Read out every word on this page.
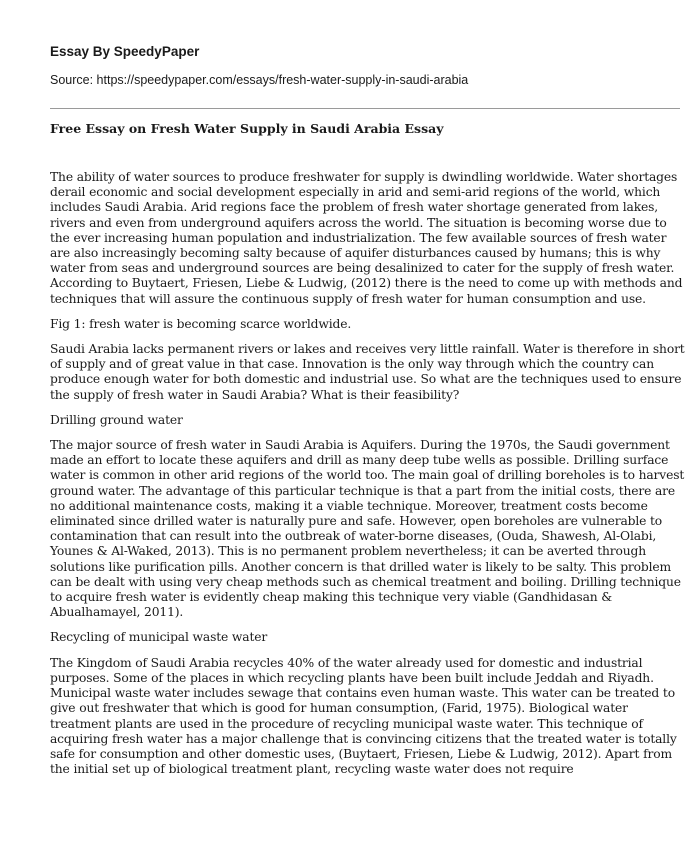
Essay By SpeedyPaper
Source: https://speedypaper.com/essays/fresh-water-supply-in-saudi-arabia
Free Essay on Fresh Water Supply in Saudi Arabia Essay

The ability of water sources to produce freshwater for supply is dwindling worldwide. Water shortages derail economic and social development especially in arid and semi-arid regions of the world, which includes Saudi Arabia. Arid regions face the problem of fresh water shortage generated from lakes, rivers and even from underground aquifers across the world. The situation is becoming worse due to the ever increasing human population and industrialization. The few available sources of fresh water are also increasingly becoming salty because of aquifer disturbances caused by humans; this is why water from seas and underground sources are being desalinized to cater for the supply of fresh water. According to Buytaert, Friesen, Liebe & Ludwig, (2012) there is the need to come up with methods and techniques that will assure the continuous supply of fresh water for human consumption and use.

Fig 1: fresh water is becoming scarce worldwide.

Saudi Arabia lacks permanent rivers or lakes and receives very little rainfall. Water is therefore in short of supply and of great value in that case. Innovation is the only way through which the country can produce enough water for both domestic and industrial use. So what are the techniques used to ensure the supply of fresh water in Saudi Arabia? What is their feasibility?

Drilling ground water

The major source of fresh water in Saudi Arabia is Aquifers. During the 1970s, the Saudi government made an effort to locate these aquifers and drill as many deep tube wells as possible. Drilling surface water is common in other arid regions of the world too. The main goal of drilling boreholes is to harvest ground water. The advantage of this particular technique is that a part from the initial costs, there are no additional maintenance costs, making it a viable technique. Moreover, treatment costs become eliminated since drilled water is naturally pure and safe. However, open boreholes are vulnerable to contamination that can result into the outbreak of water-borne diseases, (Ouda, Shawesh, Al-Olabi, Younes & Al-Waked, 2013). This is no permanent problem nevertheless; it can be averted through solutions like purification pills. Another concern is that drilled water is likely to be salty. This problem can be dealt with using very cheap methods such as chemical treatment and boiling. Drilling technique to acquire fresh water is evidently cheap making this technique very viable (Gandhidasan & Abualhamayel, 2011).

Recycling of municipal waste water

The Kingdom of Saudi Arabia recycles 40% of the water already used for domestic and industrial purposes. Some of the places in which recycling plants have been built include Jeddah and Riyadh. Municipal waste water includes sewage that contains even human waste. This water can be treated to give out freshwater that which is good for human consumption, (Farid, 1975). Biological water treatment plants are used in the procedure of recycling municipal waste water. This technique of acquiring fresh water has a major challenge that is convincing citizens that the treated water is totally safe for consumption and other domestic uses, (Buytaert, Friesen, Liebe & Ludwig, 2012). Apart from the initial set up of biological treatment plant, recycling waste water does not require
